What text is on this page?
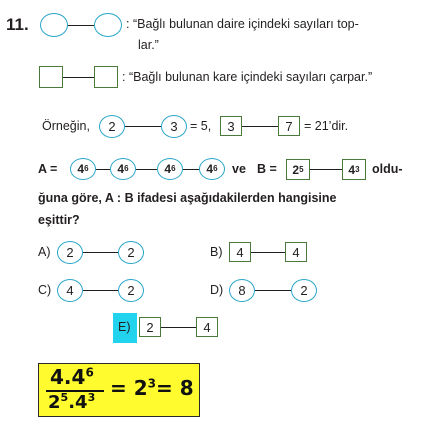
11.	: “Bağlı bulunan daire içindeki sayıları top-
lar.”
: “Bağlı bulunan kare içindeki sayıları çarpar.”
Örneğin,	2	3 = 5,	3	7 = 21’dir.
A = 4 6 4 6	4 6	4 6 ve B = 2 5	4 3 oldu-
ğuna göre, A : B ifadesi aşağıdakilerden hangisine
eşittir?
A)	2	2	B)	4	4
C)	4	2	D)	8	2
E)	2	4
$4.4^6$
$2^5.4^3 = 2^3= 8$
